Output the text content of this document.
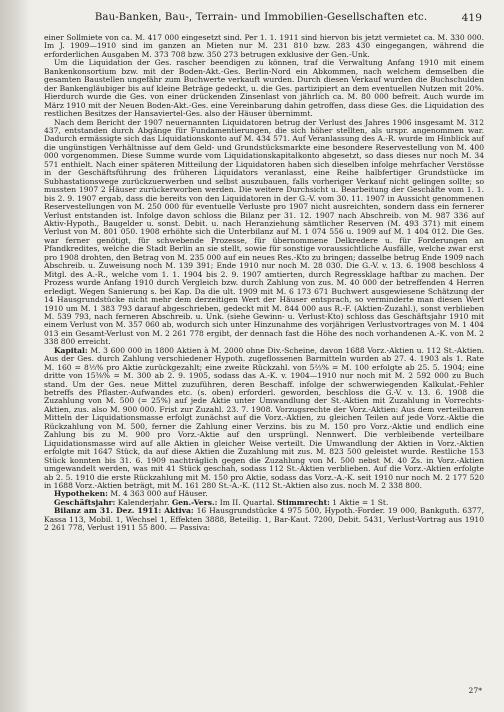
Bau-Banken, Bau-, Terrain- und Immobilien-Gesellschaften etc.	419

einer Sollmiete von ca. M. 417 000 eingesetzt sind. Per 1. 1. 1911 sind hiervon bis jetzt vermietet ca. M. 330 000. Im J. 1909—1910 sind im ganzen an Mieten nur M. 231 810 bzw. 283 430 eingegangen, während die erforderlichen Ausgaben M. 373 708 bzw. 350 273 betrugen exklusive der Gen.-Unk.

Um die Liquidation der Ges. rascher beendigen zu können, traf die Verwaltung Anfang 1910 mit einem Bankenkonsortium bzw. mit der Boden-Akt.-Ges. Berlin-Nord ein Abkommen, nach welchem demselben die gesamten Baustellen ungefähr zum Buchwerte verkauft wurden. Durch diesen Verkauf wurden die Buchschulden der Bankengläubiger bis auf kleine Beträge gedeckt, u. die Ges. partizipiert an dem eventuellen Nutzen mit 20%. Hierdurch wurde die Ges. von einer drückenden Zinsenlast von jährlich ca. M. 80 000 befreit. Auch wurde im März 1910 mit der Neuen Boden-Akt.-Ges. eine Vereinbarung dahin getroffen, dass diese Ges. die Liquidation des restlichen Besitzes der Hansaviertel-Ges. also der Häuser übernimmt.

Nach dem Bericht der 1907 neuernannten Liquidatoren betrug der Verlust des Jahres 1906 insgesamt M. 312 437, entstanden durch Abgänge für Fundamentierungen, die sich höher stellten, als urspr. angenommen war. Dadurch ermässigte sich das Liquidationskonto auf M. 434 571. Auf Veranlassung des A.-R. wurde im Hinblick auf die ungünstigen Verhältnisse auf dem Geld- und Grundstücksmarkte eine besondere Reservestellung von M. 400 000 vorgenommen. Diese Summe wurde vom Liquidationskapitalkonto abgesetzt, so dass dieses nur noch M. 34 571 enthielt. Nach einer späteren Mitteilung der Liquidatoren haben sich dieselben infolge mehrfacher Verstösse in der Geschäftsführung des früheren Liquidators veranlasst, eine Reihe halbfertiger Grundstücke im Subhastationswege zurückzuerwerben und selbst auszubauen, falls vorheriger Verkauf nicht gelingen sollte; so mussten 1907 2 Häuser zurückerworben werden. Die weitere Durchsicht u. Bearbeitung der Geschäfte vom 1. 1. bis 2. 9. 1907 ergab, dass die bereits von den Liquidatoren in der G.-V. vom 30. 11. 1907 in Aussicht genommenen Reservestellungen von M. 250 000 für eventuelle Verluste pro 1907 nicht ausreichten, sondern dass ein fernerer Verlust entstanden ist. Infolge davon schloss die Bilanz per 31. 12. 1907 nach Abschreib. von M. 987 336 auf Aktiv-Hypoth., Baugelder u. sonst. Debit. u. nach Heranziehung sämtlicher Reserven (M. 493 371) mit einem Verlust von M. 801 050. 1908 erhöhte sich die Unterbilanz auf M. 1 074 556 u. 1909 auf M. 1 404 012. Die Ges. war ferner genötigt, für schwebende Prozesse, für übernommene Delkredere u. für Forderungen an Pfandkredites, welche die Stadt Berlin an sie stellt, sowie für sonstige voraussichtliche Ausfälle, welche zwar erst pro 1908 drohten, den Betrag von M. 235 000 auf ein neues Res.-Kto zu bringen; dasselbe betrug Ende 1909 nach Abschreib. u. Zuweisung noch M. 139 391; Ende 1910 nur noch M. 28 030. Die G.-V. v. 13. 6. 1908 beschloss 4 Mitgl. des A.-R., welche vom 1. 1. 1904 bis 2. 9. 1907 amtierten, durch Regressklage haftbar zu machen. Der Prozess wurde Anfang 1910 durch Vergleich bzw. durch Zahlung von zus. M. 40 000 der betreffenden 4 Herren erledigt. Wegen Sanierung s. bei Kap. Da die ult. 1909 mit M. 6 173 671 Buchwert ausgewiesene Schätzung der 14 Hausgrundstücke nicht mehr dem derzeitigen Wert der Häuser entsprach, so verminderte man diesen Wert 1910 um M. 1 383 793 darauf abgeschrieben, gedeckt mit M. 844 000 aus R.-F. (Aktien-Zuzahl.), sonst verblieben M. 539 793, nach ferneren Abschreib. u. Unk. (siehe Gewinn- u. Verlust-Kto) schloss das Geschäftsjahr 1910 mit einem Verlust von M. 357 060 ab, wodurch sich unter Hinzunahme des vorjährigen Verlustvortrages von M. 1 404 013 ein Gesamt-Verlust von M. 2 261 778 ergibt, der dennach fast die Höhe des noch vorhandenen A.-K. von M. 2 338 800 erreicht.

Kapital: M. 3 600 000 in 1800 Aktien à M. 2000 ohne Div.-Scheine, davon 1688 Vorz.-Aktien u. 112 St.-Aktien. Aus der Ges. durch Zahlung verschiedener Hypoth. zugeflossenen Barmitteln wurden ab 27. 4. 1903 als 1. Rate M. 160 = 8⅓% pro Aktie zurückgezahlt; eine zweite Rückzahl. von 5⅔% = M. 100 erfolgte ab 25. 5. 1904; eine dritte von 15⅜% = M. 300 ab 2. 9. 1905, sodass das A.-K. v. 1904—1910 nur noch mit M. 2 592 000 zu Buch stand. Um der Ges. neue Mittel zuzuführen, deren Beschaff. infolge der schwerwiegenden Kalkulat.-Fehler betreffs des Pflaster.-Aufwandes etc. (s. oben) erforderl. geworden, beschloss die G.-V. v. 13. 6. 1908 die Zuzahlung von M. 500 (= 25%) auf jede Aktie unter Umwandlung der St.-Aktien mit Zuzahlung in Vorrechts-Aktien, zus. also M. 900 000. Frist zur Zuzahl. 23. 7. 1908. Vorzugsrechte der Vorz.-Aktien: Aus dem verteilbaren Mitteln der Liquidationsmasse erfolgt zunächst auf die Vorz.-Aktien, zu gleichen Teilen auf jede Vorz.-Aktie die Rückzahlung von M. 500, ferner die Zahlung einer Verzins. bis zu M. 150 pro Vorz.-Aktie und endlich eine Zahlung bis zu M. 900 pro Vorz.-Aktie auf den ursprüngl. Nennwert. Die verbleibende verteilbare Liquidationsmasse wird auf alle Aktien in gleicher Weise verteilt. Die Umwandlung der Aktien in Vorz.-Aktien erfolgte mit 1647 Stück, da auf diese Aktien die Zuzahlung mit zus. M. 823 500 geleistet wurde. Restliche 153 Stück konnten bis 31. 6. 1909 nachträglich gegen die Zuzahlung von M. 500 nebst M. 40 Zs. in Vorz.-Aktien umgewandelt werden, was mit 41 Stück geschah, sodass 112 St.-Aktien verblieben. Auf die Vorz.-Aktien erfolgte ab 2. 5. 1910 die erste Rückzahlung mit M. 150 pro Aktie, sodass das Vorz.-A.-K. seit 1910 nur noch M. 2 177 520 in 1688 Vorz.-Aktien beträgt, mit M. 161 280 St.-A.-K. (112 St.-Aktien also zus. noch M. 2 338 800.

Hypotheken: M. 4 363 000 auf Häuser.

Geschäftsjahr: Kalenderjahr. Gen.-Vers.: Im II. Quartal. Stimmrecht: 1 Aktie = 1 St.

Bilanz am 31. Dez. 1911: Aktiva: 16 Hausgrundstücke 4 975 500, Hypoth.-Forder. 19 000, Bankguth. 6377, Kassa 113, Mobil. 1, Wechsel 1, Effekten 3888, Beteilig. 1, Bar-Kaut. 7200, Debit. 5431, Verlust-Vortrag aus 1910 2 261 778, Verlust 1911 55 800. — Passiva:

27*
